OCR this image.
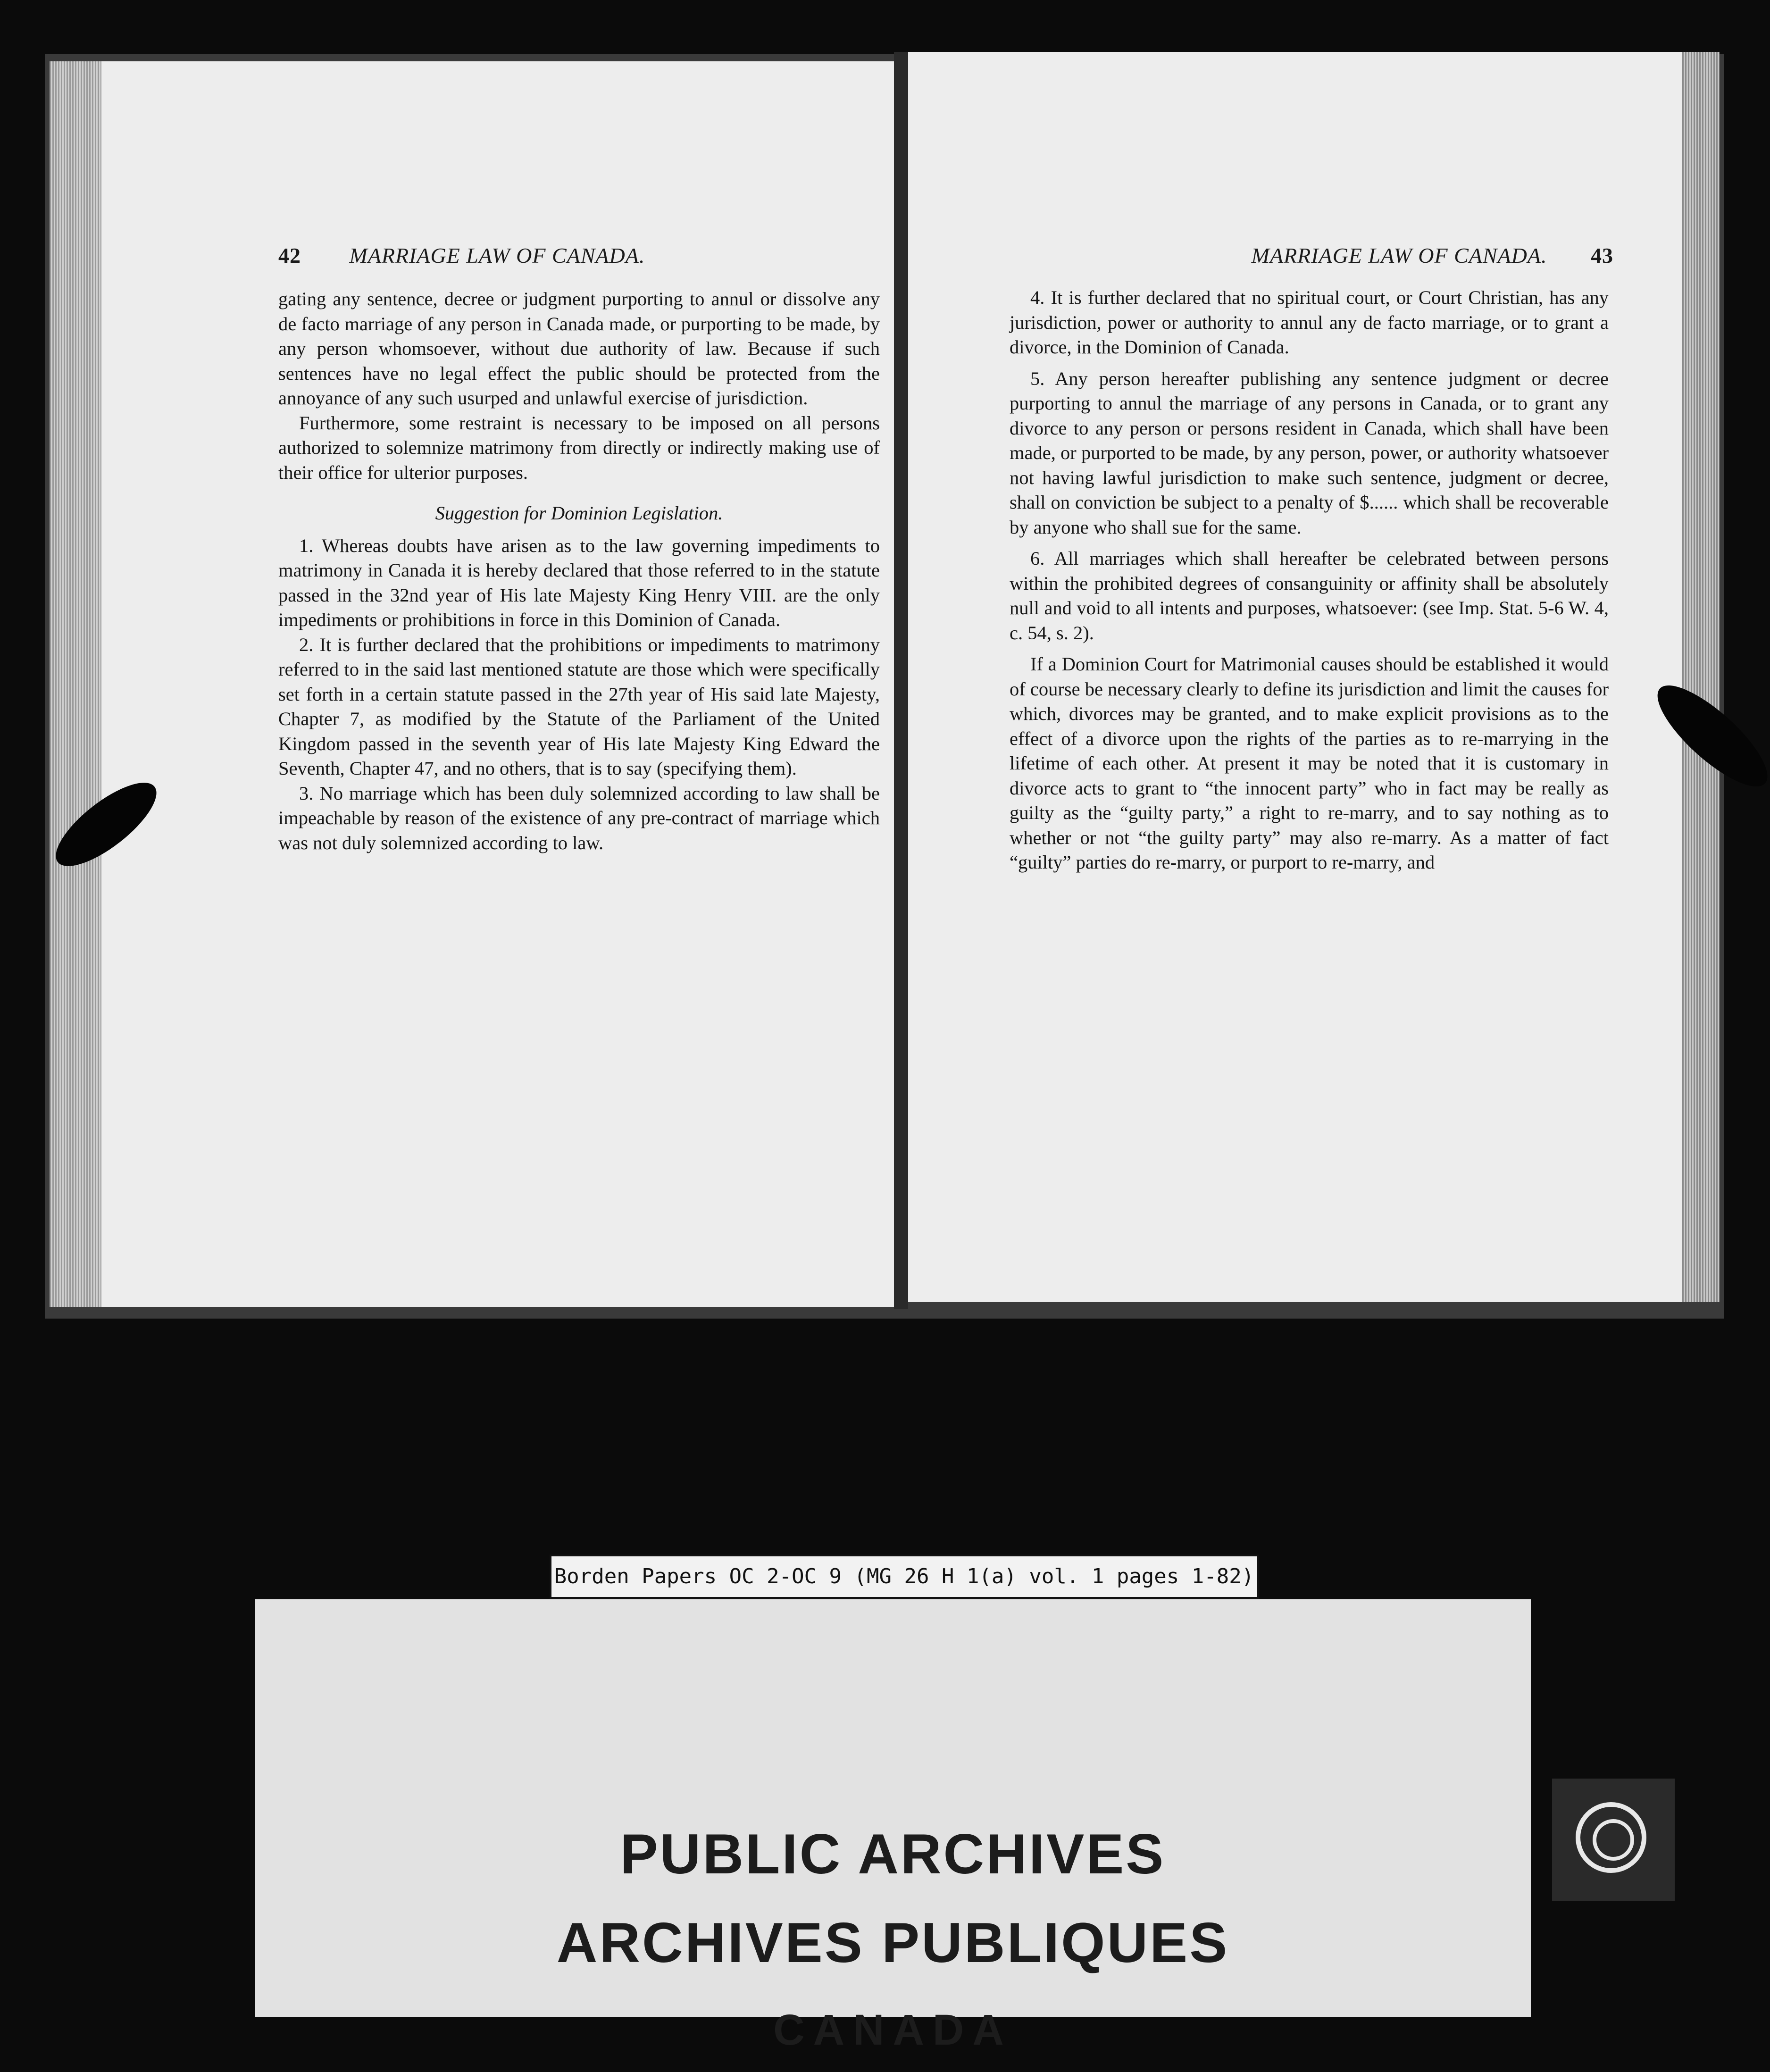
42 MARRIAGE LAW OF CANADA.

gating any sentence, decree or judgment purporting to annul or dissolve any de facto marriage of any person in Canada made, or purporting to be made, by any person whomsoever, without due authority of law. Because if such sentences have no legal effect the public should be protected from the annoyance of any such usurped and unlawful exercise of jurisdiction.

Furthermore, some restraint is necessary to be imposed on all persons authorized to solemnize matrimony from directly or indirectly making use of their office for ulterior purposes.

Suggestion for Dominion Legislation.

1. Whereas doubts have arisen as to the law governing impediments to matrimony in Canada it is hereby declared that those referred to in the statute passed in the 32nd year of His late Majesty King Henry VIII. are the only impediments or prohibitions in force in this Dominion of Canada.

2. It is further declared that the prohibitions or impediments to matrimony referred to in the said last mentioned statute are those which were specifically set forth in a certain statute passed in the 27th year of His said late Majesty, Chapter 7, as modified by the Statute of the Parliament of the United Kingdom passed in the seventh year of His late Majesty King Edward the Seventh, Chapter 47, and no others, that is to say (specifying them).

3. No marriage which has been duly solemnized according to law shall be impeachable by reason of the existence of any pre-contract of marriage which was not duly solemnized according to law.

MARRIAGE LAW OF CANADA. 43

4. It is further declared that no spiritual court, or Court Christian, has any jurisdiction, power or authority to annul any de facto marriage, or to grant a divorce, in the Dominion of Canada.

5. Any person hereafter publishing any sentence judgment or decree purporting to annul the marriage of any persons in Canada, or to grant any divorce to any person or persons resident in Canada, which shall have been made, or purported to be made, by any person, power, or authority whatsoever not having lawful jurisdiction to make such sentence, judgment or decree, shall on conviction be subject to a penalty of $...... which shall be recoverable by anyone who shall sue for the same.

6. All marriages which shall hereafter be celebrated between persons within the prohibited degrees of consanguinity or affinity shall be absolutely null and void to all intents and purposes, whatsoever: (see Imp. Stat. 5-6 W. 4, c. 54, s. 2).

If a Dominion Court for Matrimonial causes should be established it would of course be necessary clearly to define its jurisdiction and limit the causes for which, divorces may be granted, and to make explicit provisions as to the effect of a divorce upon the rights of the parties as to re-marrying in the lifetime of each other. At present it may be noted that it is customary in divorce acts to grant to “the innocent party” who in fact may be really as guilty as the “guilty party,” a right to re-marry, and to say nothing as to whether or not “the guilty party” may also re-marry. As a matter of fact “guilty” parties do re-marry, or purport to re-marry, and

Borden Papers OC 2-OC 9 (MG 26 H 1(a) vol. 1 pages 1-82)
PUBLIC ARCHIVES
ARCHIVES PUBLIQUES
CANADA
